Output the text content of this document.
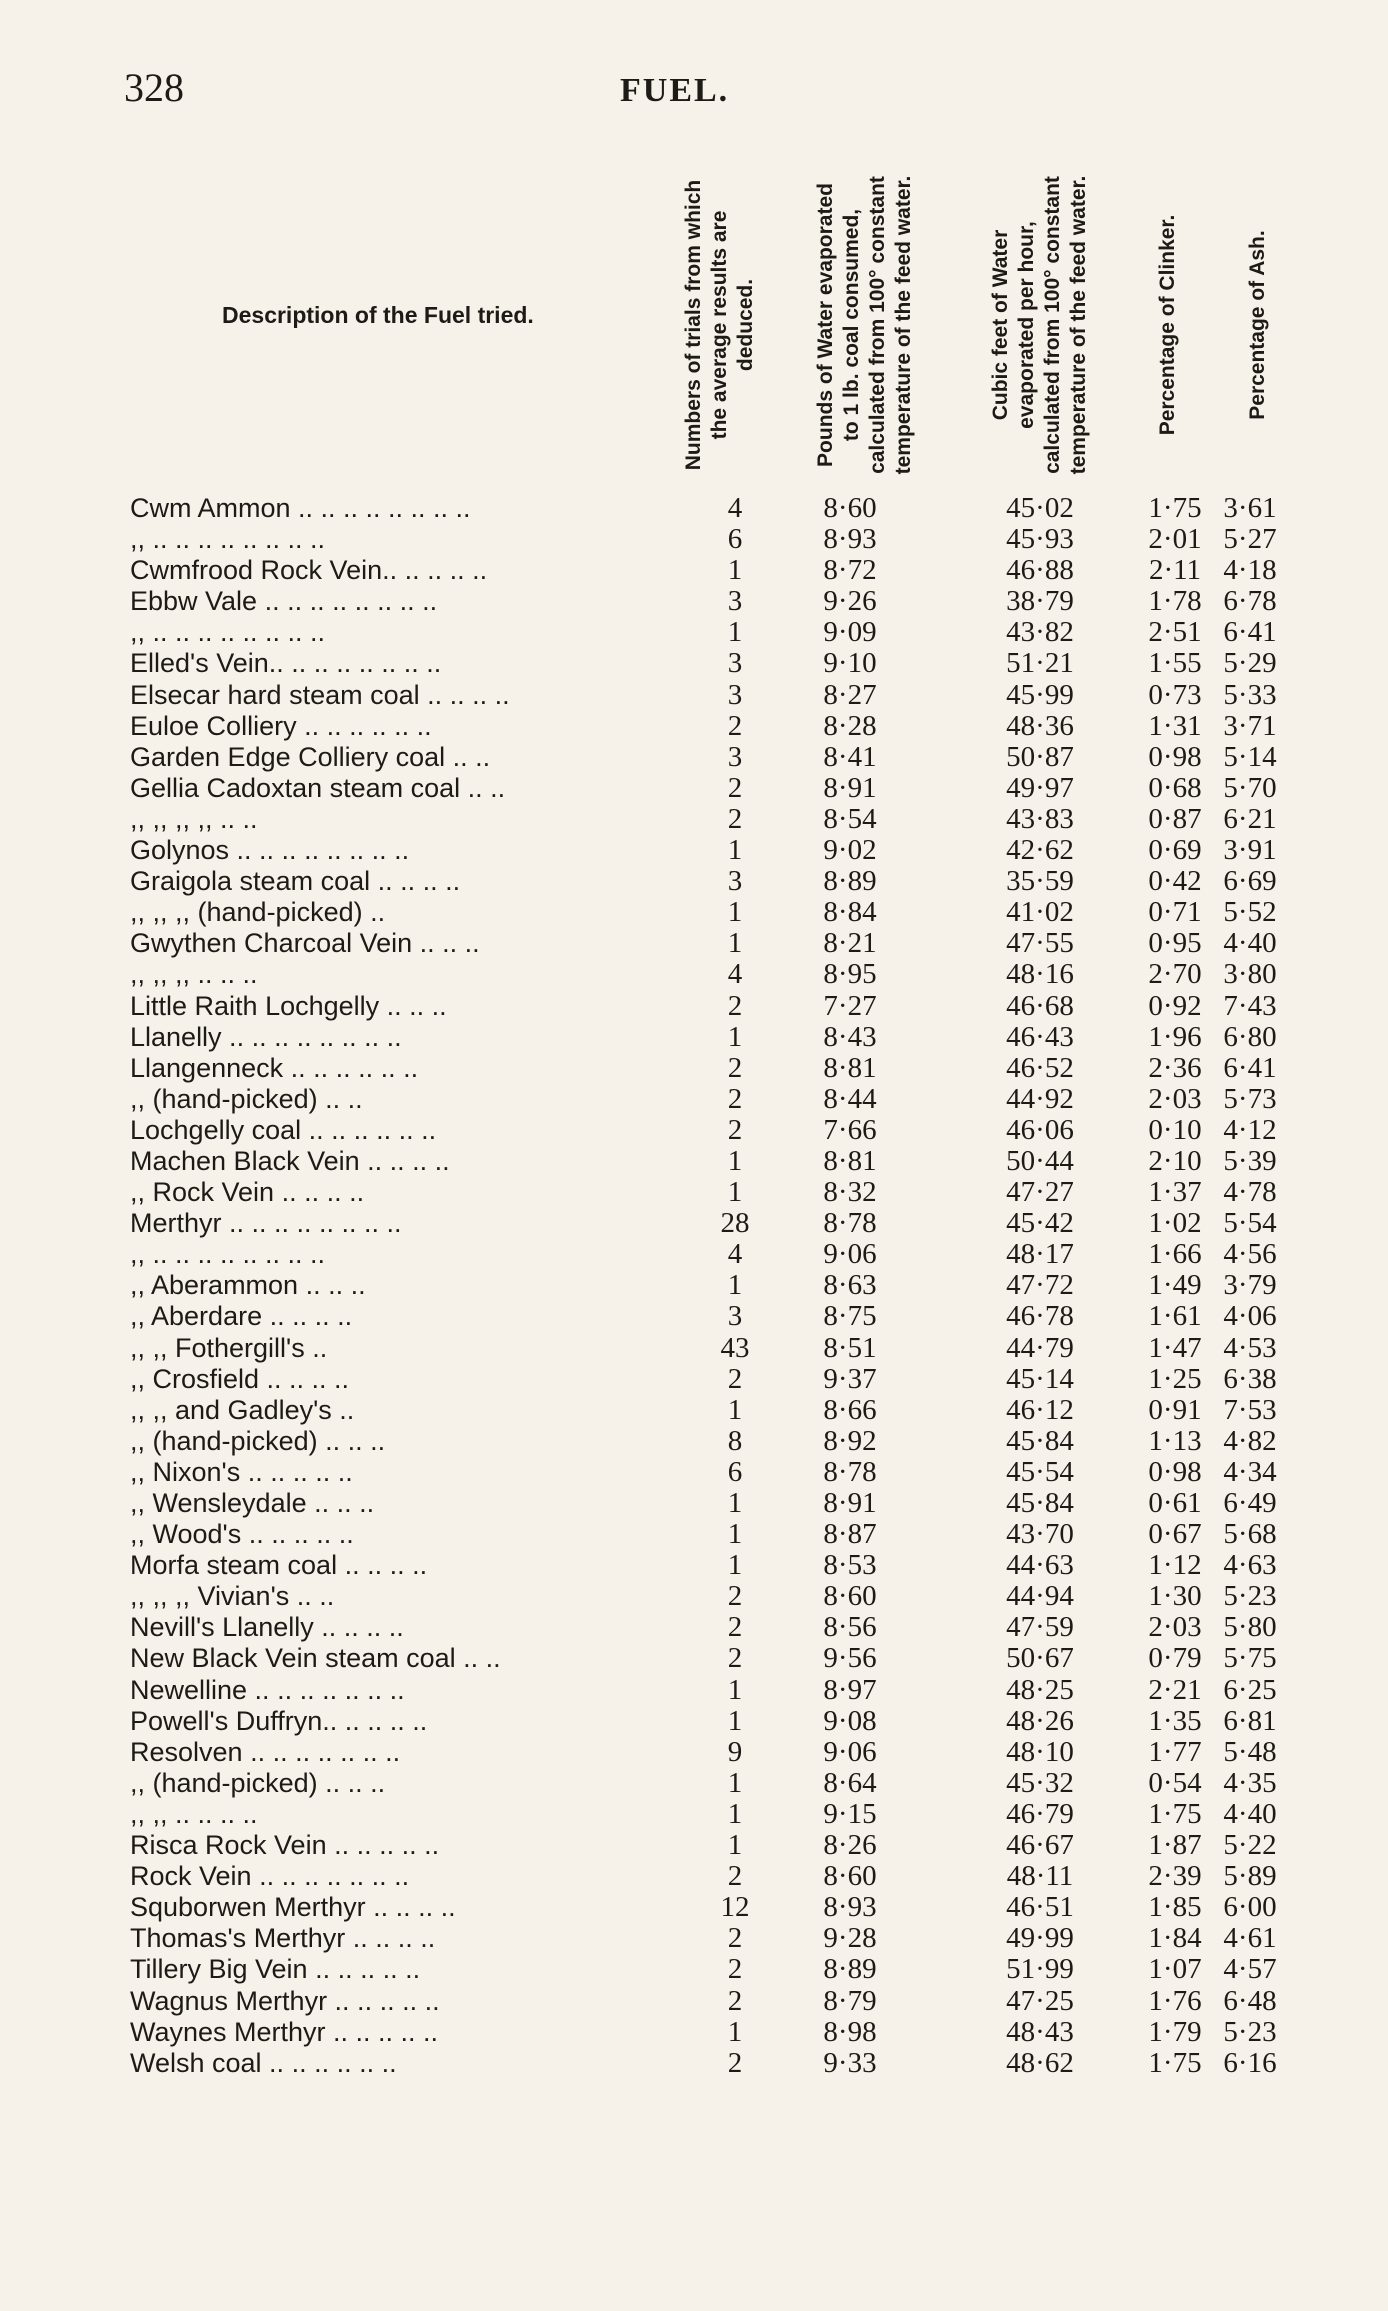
328	FUEL.
Description of the Fuel tried.	Numbers of trials from which the average results are deduced.	Pounds of Water evaporated to 1 lb. coal consumed, calculated from 100° constant temperature of the feed water.	Cubic feet of Water evaporated per hour, calculated from 100° constant temperature of the feed water.	Percentage of Clinker.	Percentage of Ash.
Cwm Ammon .. .. .. .. .. .. .. ..	4	8·60	45·02	1·75 3·61
,, .. .. .. .. .. .. .. ..	6	8·93	45·93	2·01 5·27
Cwmfrood Rock Vein.. .. .. .. ..	1	8·72	46·88	2·11 4·18
Ebbw Vale .. .. .. .. .. .. .. ..	3	9·26	38·79	1·78 6·78
,, .. .. .. .. .. .. .. ..	1	9·09	43·82	2·51 6·41
Elled's Vein.. .. .. .. .. .. .. ..	3	9·10	51·21	1·55 5·29
Elsecar hard steam coal .. .. .. ..	3	8·27	45·99	0·73 5·33
Euloe Colliery .. .. .. .. .. ..	2	8·28	48·36	1·31 3·71
Garden Edge Colliery coal .. ..	3	8·41	50·87	0·98 5·14
Gellia Cadoxtan steam coal .. ..	2	8·91	49·97	0·68 5·70
,, ,, ,, ,, .. ..	2	8·54	43·83	0·87 6·21
Golynos .. .. .. .. .. .. .. ..	1	9·02	42·62	0·69 3·91
Graigola steam coal .. .. .. ..	3	8·89	35·59	0·42 6·69
,, ,, ,, (hand-picked) ..	1	8·84	41·02	0·71 5·52
Gwythen Charcoal Vein .. .. ..	1	8·21	47·55	0·95 4·40
,, ,, ,, .. .. ..	4	8·95	48·16	2·70 3·80
Little Raith Lochgelly .. .. ..	2	7·27	46·68	0·92 7·43
Llanelly .. .. .. .. .. .. .. ..	1	8·43	46·43	1·96 6·80
Llangenneck .. .. .. .. .. ..	2	8·81	46·52	2·36 6·41
,, (hand-picked) .. ..	2	8·44	44·92	2·03 5·73
Lochgelly coal .. .. .. .. .. ..	2	7·66	46·06	0·10 4·12
Machen Black Vein .. .. .. ..	1	8·81	50·44	2·10 5·39
,, Rock Vein .. .. .. ..	1	8·32	47·27	1·37 4·78
Merthyr .. .. .. .. .. .. .. ..	28	8·78	45·42	1·02 5·54
,, .. .. .. .. .. .. .. ..	4	9·06	48·17	1·66 4·56
,, Aberammon .. .. ..	1	8·63	47·72	1·49 3·79
,, Aberdare .. .. .. ..	3	8·75	46·78	1·61 4·06
,, ,, Fothergill's ..	43	8·51	44·79	1·47 4·53
,, Crosfield .. .. .. ..	2	9·37	45·14	1·25 6·38
,, ,, and Gadley's ..	1	8·66	46·12	0·91 7·53
,, (hand-picked) .. .. ..	8	8·92	45·84	1·13 4·82
,, Nixon's .. .. .. .. ..	6	8·78	45·54	0·98 4·34
,, Wensleydale .. .. ..	1	8·91	45·84	0·61 6·49
,, Wood's .. .. .. .. ..	1	8·87	43·70	0·67 5·68
Morfa steam coal .. .. .. ..	1	8·53	44·63	1·12 4·63
,, ,, ,, Vivian's .. ..	2	8·60	44·94	1·30 5·23
Nevill's Llanelly .. .. .. ..	2	8·56	47·59	2·03 5·80
New Black Vein steam coal .. ..	2	9·56	50·67	0·79 5·75
Newelline .. .. .. .. .. .. ..	1	8·97	48·25	2·21 6·25
Powell's Duffryn.. .. .. .. ..	1	9·08	48·26	1·35 6·81
Resolven .. .. .. .. .. .. ..	9	9·06	48·10	1·77 5·48
,, (hand-picked) .. .. ..	1	8·64	45·32	0·54 4·35
,, ,, .. .. .. ..	1	9·15	46·79	1·75 4·40
Risca Rock Vein .. .. .. .. ..	1	8·26	46·67	1·87 5·22
Rock Vein .. .. .. .. .. .. ..	2	8·60	48·11	2·39 5·89
Squborwen Merthyr .. .. .. ..	12	8·93	46·51	1·85 6·00
Thomas's Merthyr .. .. .. ..	2	9·28	49·99	1·84 4·61
Tillery Big Vein .. .. .. .. ..	2	8·89	51·99	1·07 4·57
Wagnus Merthyr .. .. .. .. ..	2	8·79	47·25	1·76 6·48
Waynes Merthyr .. .. .. .. ..	1	8·98	48·43	1·79 5·23
Welsh coal .. .. .. .. .. ..	2	9·33	48·62	1·75 6·16
